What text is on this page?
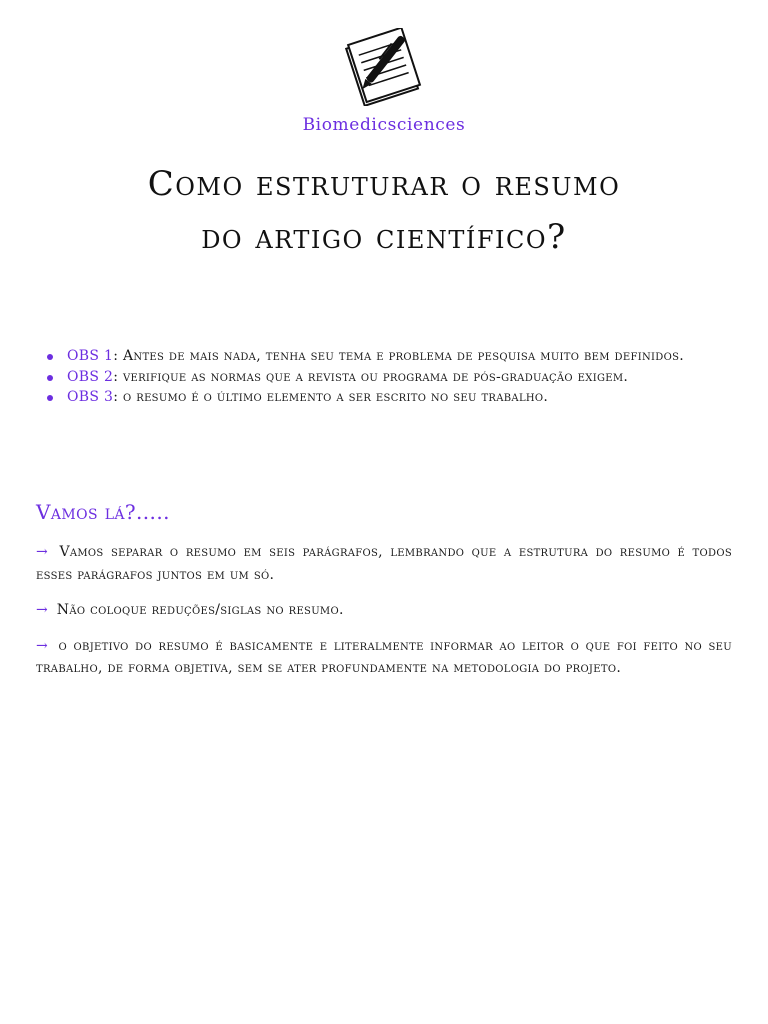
Biomedicsciences
Como estruturar o resumo
do artigo científico?
OBS 1: Antes de mais nada, tenha seu tema e problema de pesquisa muito bem definidos.
OBS 2: verifique as normas que a revista ou programa de pós-graduação exigem.
OBS 3: o resumo é o último elemento a ser escrito no seu trabalho.
Vamos lá?.....

→ Vamos separar o resumo em seis parágrafos, lembrando que a estrutura do resumo é todos esses parágrafos juntos em um só.

→ Não coloque reduções/siglas no resumo.

→ o objetivo do resumo é basicamente e literalmente informar ao leitor o que foi feito no seu trabalho, de forma objetiva, sem se ater profundamente na metodologia do projeto.
